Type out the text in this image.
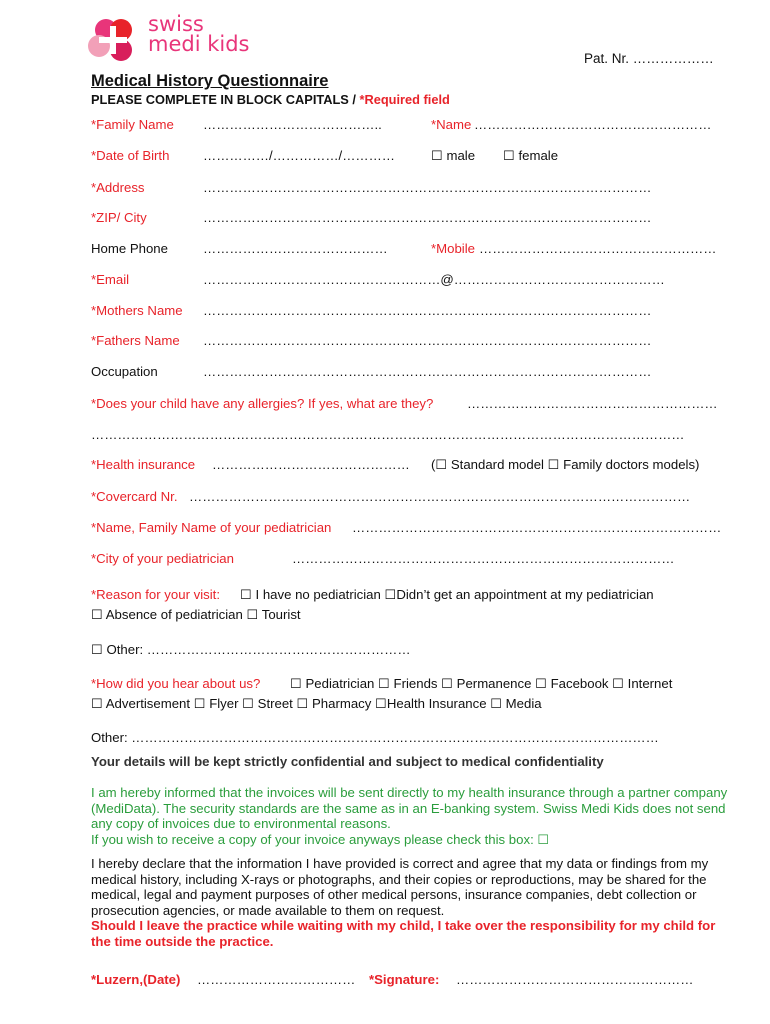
swiss
medi kids
Pat. Nr. ………………
Medical History Questionnaire
PLEASE COMPLETE IN BLOCK CAPITALS / *Required field
*Family Name …………………………………..	*Name ………………………………………………
*Date of Birth	……………/……………/…………	☐ male ☐ female
*Address	…………………………………………………………………………………………
*ZIP/ City	…………………………………………………………………………………………
Home Phone	……………………………………	*Mobile ………………………………………………
*Email	………………………………………………@…………………………………………
*Mothers Name …………………………………………………………………………………………
*Fathers Name …………………………………………………………………………………………
Occupation	…………………………………………………………………………………………
*Does your child have any allergies? If yes, what are they?	…………………………………………………
………………………………………………………………………………………………………………………
*Health insurance ……………………………………… (☐ Standard model ☐ Family doctors models)
*Covercard Nr. ……………………………………………………………………………………………………
*Name, Family Name of your pediatrician …………………………………………………………………………
*City of your pediatrician	……………………………………………………………………………
*Reason for your visit: ☐ I have no pediatrician ☐Didn’t get an appointment at my pediatrician
☐ Absence of pediatrician ☐ Tourist
☐ Other: ……………………………………………………
*How did you hear about us? ☐ Pediatrician ☐ Friends ☐ Permanence ☐ Facebook ☐ Internet
☐ Advertisement ☐ Flyer ☐ Street ☐ Pharmacy ☐Health Insurance ☐ Media
Other: …………………………………………………………………………………………………………
Your details will be kept strictly confidential and subject to medical confidentiality
I am hereby informed that the invoices will be sent directly to my health insurance through a partner company (MediData). The security standards are the same as in an E-banking system. Swiss Medi Kids does not send any copy of invoices due to environmental reasons.
If you wish to receive a copy of your invoice anyways please check this box: ☐
I hereby declare that the information I have provided is correct and agree that my data or findings from my medical history, including X-rays or photographs, and their copies or reproductions, may be shared for the medical, legal and payment purposes of other medical persons, insurance companies, debt collection or prosecution agencies, or made available to them on request.
Should I leave the practice while waiting with my child, I take over the responsibility for my child for the time outside the practice.
*Luzern,(Date) ……………………………… *Signature: ………………………………………………
